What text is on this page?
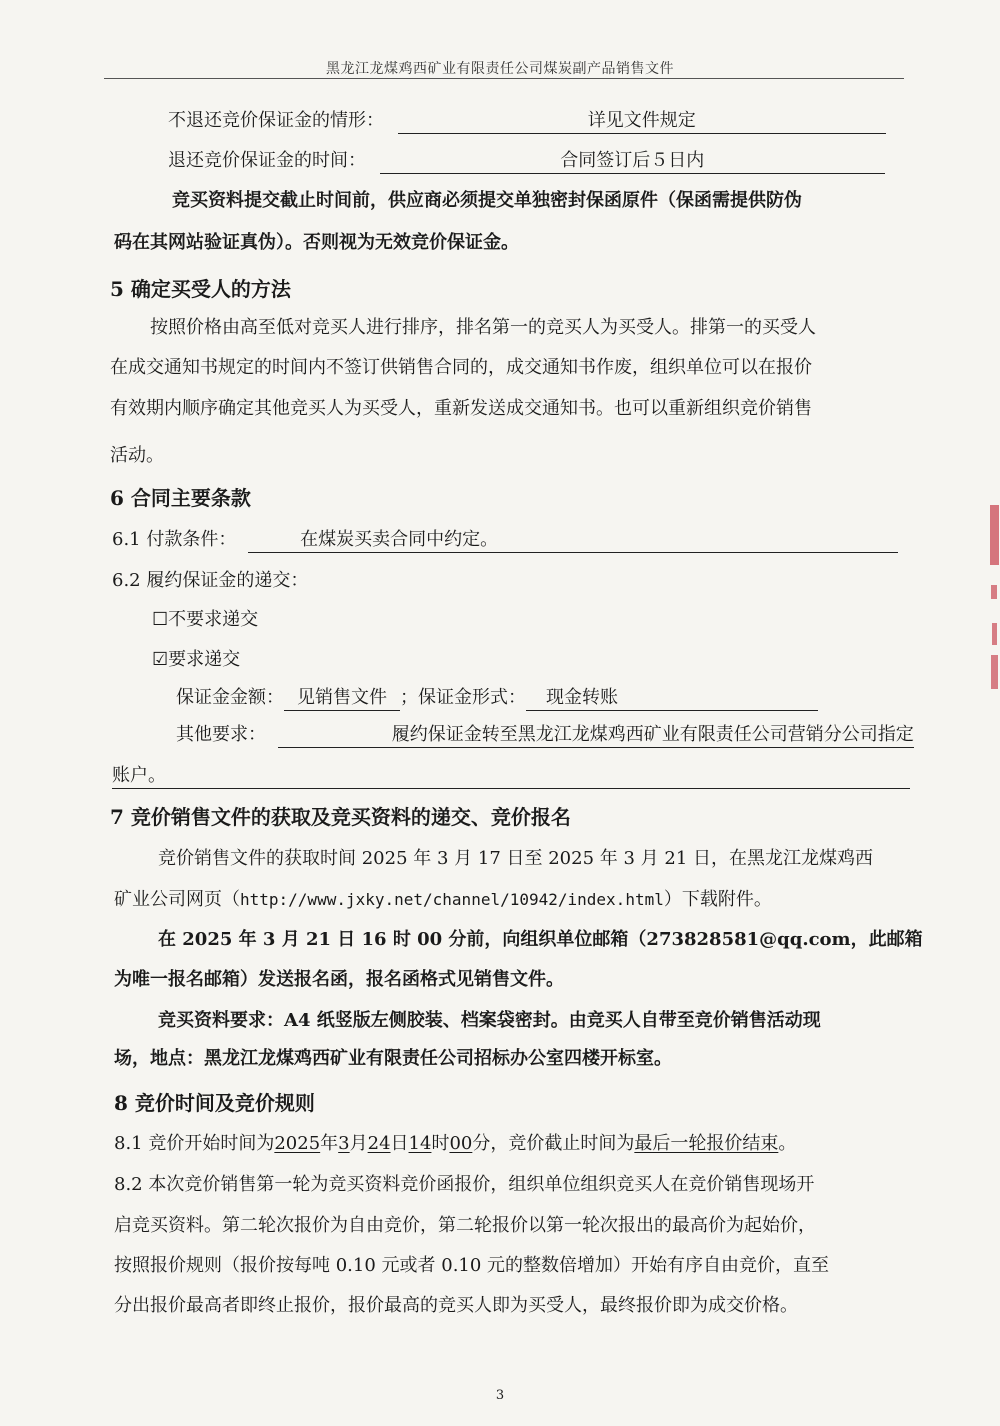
黑龙江龙煤鸡西矿业有限责任公司煤炭副产品销售文件
不退还竞价保证金的情形：	详见文件规定
退还竞价保证金的时间：	合同签订后５日内
竞买资料提交截止时间前，供应商必须提交单独密封保函原件（保函需提供防伪
码在其网站验证真伪）。否则视为无效竞价保证金。
5 确定买受人的方法
按照价格由高至低对竞买人进行排序，排名第一的竞买人为买受人。排第一的买受人
在成交通知书规定的时间内不签订供销售合同的，成交通知书作废，组织单位可以在报价
有效期内顺序确定其他竞买人为买受人，重新发送成交通知书。也可以重新组织竞价销售
活动。
6 合同主要条款
6.1 付款条件：	在煤炭买卖合同中约定。
6.2 履约保证金的递交：
☐不要求递交
☑要求递交
保证金金额： 见销售文件 ；保证金形式： 现金转账
其他要求：	履约保证金转至黑龙江龙煤鸡西矿业有限责任公司营销分公司指定
账户。
7 竞价销售文件的获取及竞买资料的递交、竞价报名
竞价销售文件的获取时间 2025 年 3 月 17 日至 2025 年 3 月 21 日，在黑龙江龙煤鸡西
矿业公司网页（http://www.jxky.net/channel/10942/index.html）下载附件。
在 2025 年 3 月 21 日 16 时 00 分前，向组织单位邮箱（273828581@qq.com，此邮箱
为唯一报名邮箱）发送报名函，报名函格式见销售文件。
竞买资料要求：A4 纸竖版左侧胶装、档案袋密封。由竞买人自带至竞价销售活动现
场，地点：黑龙江龙煤鸡西矿业有限责任公司招标办公室四楼开标室。
8 竞价时间及竞价规则
8.1 竞价开始时间为2025年3月24日14时00分，竞价截止时间为最后一轮报价结束。
8.2 本次竞价销售第一轮为竞买资料竞价函报价，组织单位组织竞买人在竞价销售现场开
启竞买资料。第二轮次报价为自由竞价，第二轮报价以第一轮次报出的最高价为起始价，
按照报价规则（报价按每吨 0.10 元或者 0.10 元的整数倍增加）开始有序自由竞价，直至
分出报价最高者即终止报价，报价最高的竞买人即为买受人，最终报价即为成交价格。
3
